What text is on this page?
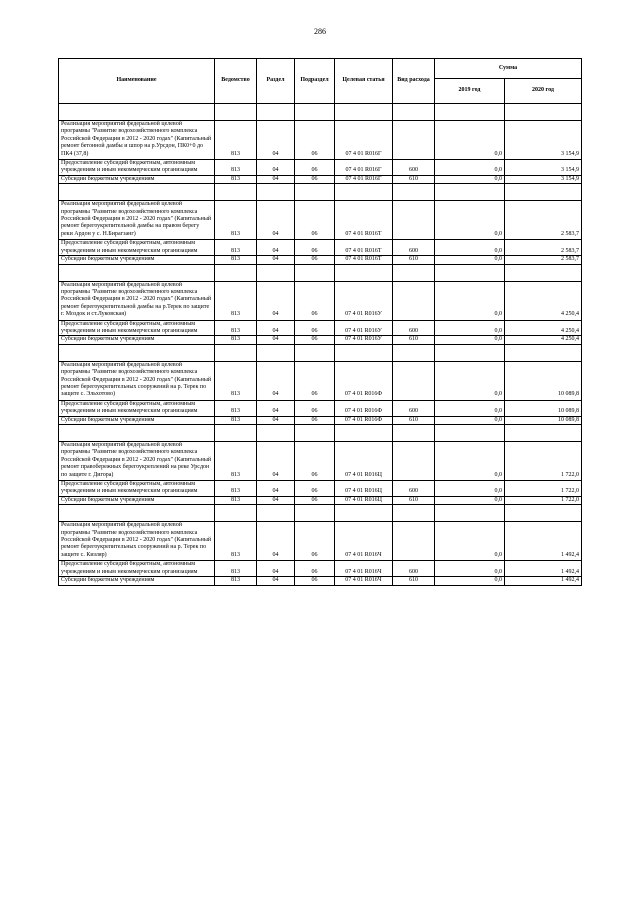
286
Наименование	Ведомство	Раздел	Подраздел	Целевая статья	Вид расхода	Сумма	
						2019 год	2020 год

Реализация мероприятий федеральной целевой программы "Развитие водохозяйственного комплекса Российской Федерации в 2012 - 2020 годах" (Капитальный ремонт бетонной дамбы и шпор на р.Урсдон, ПК0+0 до ПК4 (37,8)	813	04	06	07 4 01 R016Г		0,0	3 154,9
Предоставление субсидий бюджетным, автономным учреждениям и иным некоммерческим организациям	813	04	06	07 4 01 R016Г	600	0,0	3 154,9
Субсидии бюджетным учреждениям	813	04	06	07 4 01 R016Г	610	0,0	3 154,9

Реализация мероприятий федеральной целевой программы "Развитие водохозяйственного комплекса Российской Федерации в 2012 - 2020 годах" (Капитальный ремонт берегоукрепительной дамбы на правом берегу реки Ардон у с. Н.Бирагзанг)	813	04	06	07 4 01 R016Т		0,0	2 583,7
Предоставление субсидий бюджетным, автономным учреждениям и иным некоммерческим организациям	813	04	06	07 4 01 R016Т	600	0,0	2 583,7
Субсидии бюджетным учреждениям	813	04	06	07 4 01 R016Т	610	0,0	2 583,7

Реализация мероприятий федеральной целевой программы "Развитие водохозяйственного комплекса Российской Федерации в 2012 - 2020 годах" (Капитальный ремонт берегоукрепительной дамбы на р.Терек по защите г. Моздок и ст.Луковская)	813	04	06	07 4 01 R016У		0,0	4 250,4
Предоставление субсидий бюджетным, автономным учреждениям и иным некоммерческим организациям	813	04	06	07 4 01 R016У	600	0,0	4 250,4
Субсидии бюджетным учреждениям	813	04	06	07 4 01 R016У	610	0,0	4 250,4

Реализация мероприятий федеральной целевой программы "Развитие водохозяйственного комплекса Российской Федерации в 2012 - 2020 годах" (Капитальный ремонт берегоукрепительных сооружений на р. Терек по защите с. Эльхотово)	813	04	06	07 4 01 R016Ф		0,0	10 089,8
Предоставление субсидий бюджетным, автономным учреждениям и иным некоммерческим организациям	813	04	06	07 4 01 R016Ф	600	0,0	10 089,8
Субсидии бюджетным учреждениям	813	04	06	07 4 01 R016Ф	610	0,0	10 089,8

Реализация мероприятий федеральной целевой программы "Развитие водохозяйственного комплекса Российской Федерации в 2012 - 2020 годах" (Капитальный ремонт правобережных берегоукреплений на реке Урсдон по защите г. Дигора)	813	04	06	07 4 01 R016Ц		0,0	1 722,0
Предоставление субсидий бюджетным, автономным учреждениям и иным некоммерческим организациям	813	04	06	07 4 01 R016Ц	600	0,0	1 722,0
Субсидии бюджетным учреждениям	813	04	06	07 4 01 R016Ц	610	0,0	1 722,0

Реализация мероприятий федеральной целевой программы "Развитие водохозяйственного комплекса Российской Федерации в 2012 - 2020 годах" (Капитальный ремонт берегоукрепительных сооружений на р. Терек по защите с. Кизляр)	813	04	06	07 4 01 R016Ч		0,0	1 492,4
Предоставление субсидий бюджетным, автономным учреждениям и иным некоммерческим организациям	813	04	06	07 4 01 R016Ч	600	0,0	1 492,4
Субсидии бюджетным учреждениям	813	04	06	07 4 01 R016Ч	610	0,0	1 492,4
